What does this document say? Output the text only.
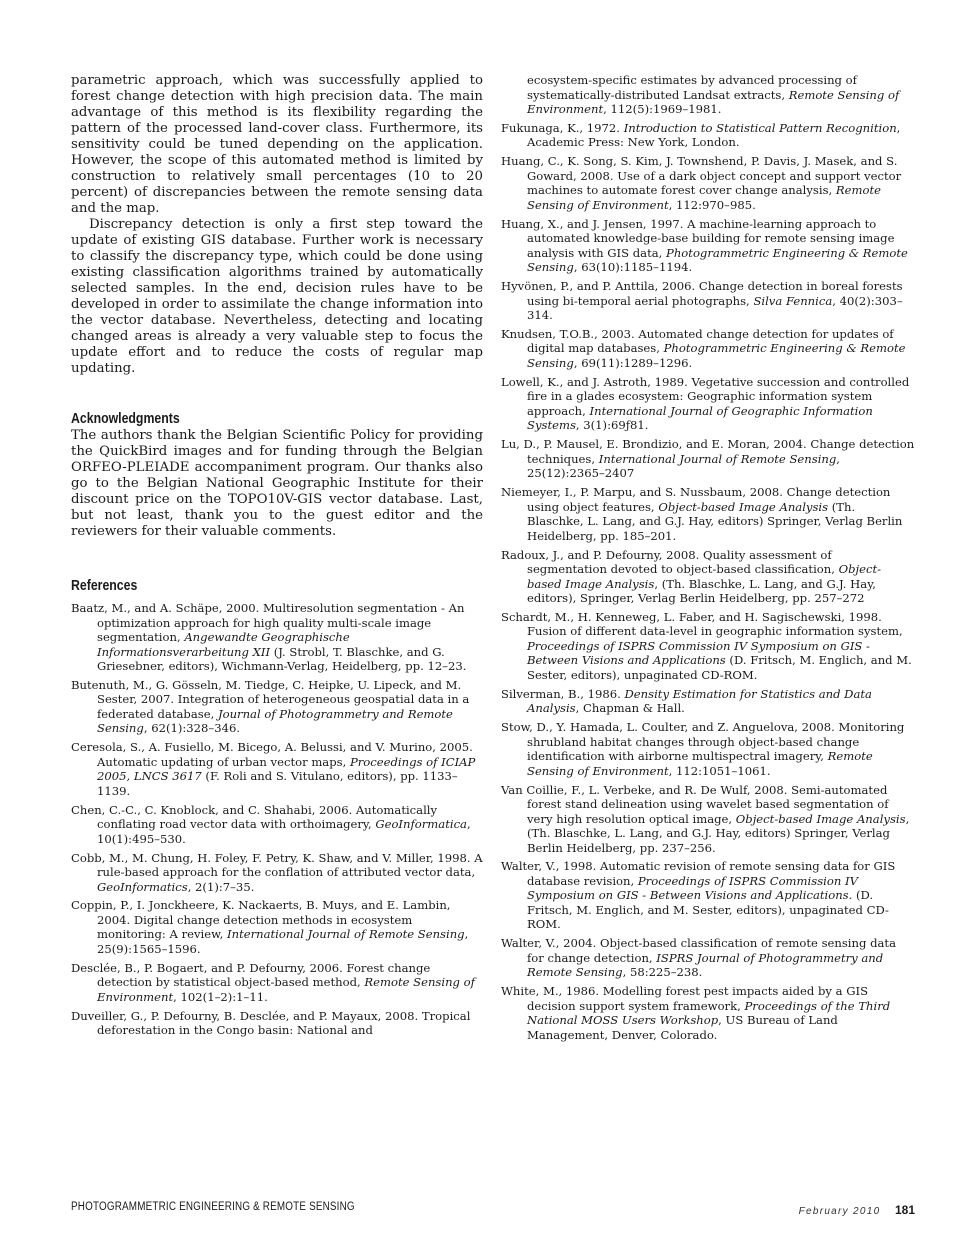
parametric approach, which was successfully applied to forest change detection with high precision data. The main advantage of this method is its flexibility regarding the pattern of the processed land-cover class. Furthermore, its sensitivity could be tuned depending on the application. However, the scope of this automated method is limited by construction to relatively small percentages (10 to 20 percent) of discrepancies between the remote sensing data and the map.

Discrepancy detection is only a first step toward the update of existing GIS database. Further work is necessary to classify the discrepancy type, which could be done using existing classification algorithms trained by automatically selected samples. In the end, decision rules have to be developed in order to assimilate the change information into the vector database. Nevertheless, detecting and locating changed areas is already a very valuable step to focus the update effort and to reduce the costs of regular map updating.

Acknowledgments

The authors thank the Belgian Scientific Policy for providing the QuickBird images and for funding through the Belgian ORFEO-PLEIADE accompaniment program. Our thanks also go to the Belgian National Geographic Institute for their discount price on the TOPO10V-GIS vector database. Last, but not least, thank you to the guest editor and the reviewers for their valuable comments.

References

Baatz, M., and A. Schäpe, 2000. Multiresolution segmentation - An optimization approach for high quality multi-scale image segmentation, Angewandte Geographische Informationsverarbeitung XII (J. Strobl, T. Blaschke, and G. Griesebner, editors), Wichmann-Verlag, Heidelberg, pp. 12–23.

Butenuth, M., G. Gösseln, M. Tiedge, C. Heipke, U. Lipeck, and M. Sester, 2007. Integration of heterogeneous geospatial data in a federated database, Journal of Photogrammetry and Remote Sensing, 62(1):328–346.

Ceresola, S., A. Fusiello, M. Bicego, A. Belussi, and V. Murino, 2005. Automatic updating of urban vector maps, Proceedings of ICIAP 2005, LNCS 3617 (F. Roli and S. Vitulano, editors), pp. 1133–1139.

Chen, C.-C., C. Knoblock, and C. Shahabi, 2006. Automatically conflating road vector data with orthoimagery, GeoInformatica, 10(1):495–530.

Cobb, M., M. Chung, H. Foley, F. Petry, K. Shaw, and V. Miller, 1998. A rule-based approach for the conflation of attributed vector data, GeoInformatics, 2(1):7–35.

Coppin, P., I. Jonckheere, K. Nackaerts, B. Muys, and E. Lambin, 2004. Digital change detection methods in ecosystem monitoring: A review, International Journal of Remote Sensing, 25(9):1565–1596.

Desclée, B., P. Bogaert, and P. Defourny, 2006. Forest change detection by statistical object-based method, Remote Sensing of Environment, 102(1–2):1–11.

Duveiller, G., P. Defourny, B. Desclée, and P. Mayaux, 2008. Tropical deforestation in the Congo basin: National and

ecosystem-specific estimates by advanced processing of systematically-distributed Landsat extracts, Remote Sensing of Environment, 112(5):1969–1981.

Fukunaga, K., 1972. Introduction to Statistical Pattern Recognition, Academic Press: New York, London.

Huang, C., K. Song, S. Kim, J. Townshend, P. Davis, J. Masek, and S. Goward, 2008. Use of a dark object concept and support vector machines to automate forest cover change analysis, Remote Sensing of Environment, 112:970–985.

Huang, X., and J. Jensen, 1997. A machine-learning approach to automated knowledge-base building for remote sensing image analysis with GIS data, Photogrammetric Engineering & Remote Sensing, 63(10):1185–1194.

Hyvönen, P., and P. Anttila, 2006. Change detection in boreal forests using bi-temporal aerial photographs, Silva Fennica, 40(2):303–314.

Knudsen, T.O.B., 2003. Automated change detection for updates of digital map databases, Photogrammetric Engineering & Remote Sensing, 69(11):1289–1296.

Lowell, K., and J. Astroth, 1989. Vegetative succession and controlled fire in a glades ecosystem: Geographic information system approach, International Journal of Geographic Information Systems, 3(1):69ƒ81.

Lu, D., P. Mausel, E. Brondizio, and E. Moran, 2004. Change detection techniques, International Journal of Remote Sensing, 25(12):2365–2407

Niemeyer, I., P. Marpu, and S. Nussbaum, 2008. Change detection using object features, Object-based Image Analysis (Th. Blaschke, L. Lang, and G.J. Hay, editors) Springer, Verlag Berlin Heidelberg, pp. 185–201.

Radoux, J., and P. Defourny, 2008. Quality assessment of segmentation devoted to object-based classification, Object-based Image Analysis, (Th. Blaschke, L. Lang, and G.J. Hay, editors), Springer, Verlag Berlin Heidelberg, pp. 257–272

Schardt, M., H. Kenneweg, L. Faber, and H. Sagischewski, 1998. Fusion of different data-level in geographic information system, Proceedings of ISPRS Commission IV Symposium on GIS - Between Visions and Applications (D. Fritsch, M. Englich, and M. Sester, editors), unpaginated CD-ROM.

Silverman, B., 1986. Density Estimation for Statistics and Data Analysis, Chapman & Hall.

Stow, D., Y. Hamada, L. Coulter, and Z. Anguelova, 2008. Monitoring shrubland habitat changes through object-based change identification with airborne multispectral imagery, Remote Sensing of Environment, 112:1051–1061.

Van Coillie, F., L. Verbeke, and R. De Wulf, 2008. Semi-automated forest stand delineation using wavelet based segmentation of very high resolution optical image, Object-based Image Analysis, (Th. Blaschke, L. Lang, and G.J. Hay, editors) Springer, Verlag Berlin Heidelberg, pp. 237–256.

Walter, V., 1998. Automatic revision of remote sensing data for GIS database revision, Proceedings of ISPRS Commission IV Symposium on GIS - Between Visions and Applications. (D. Fritsch, M. Englich, and M. Sester, editors), unpaginated CD-ROM.

Walter, V., 2004. Object-based classification of remote sensing data for change detection, ISPRS Journal of Photogrammetry and Remote Sensing, 58:225–238.

White, M., 1986. Modelling forest pest impacts aided by a GIS decision support system framework, Proceedings of the Third National MOSS Users Workshop, US Bureau of Land Management, Denver, Colorado.

PHOTOGRAMMETRIC ENGINEERING & REMOTE SENSING	February 2010 181
